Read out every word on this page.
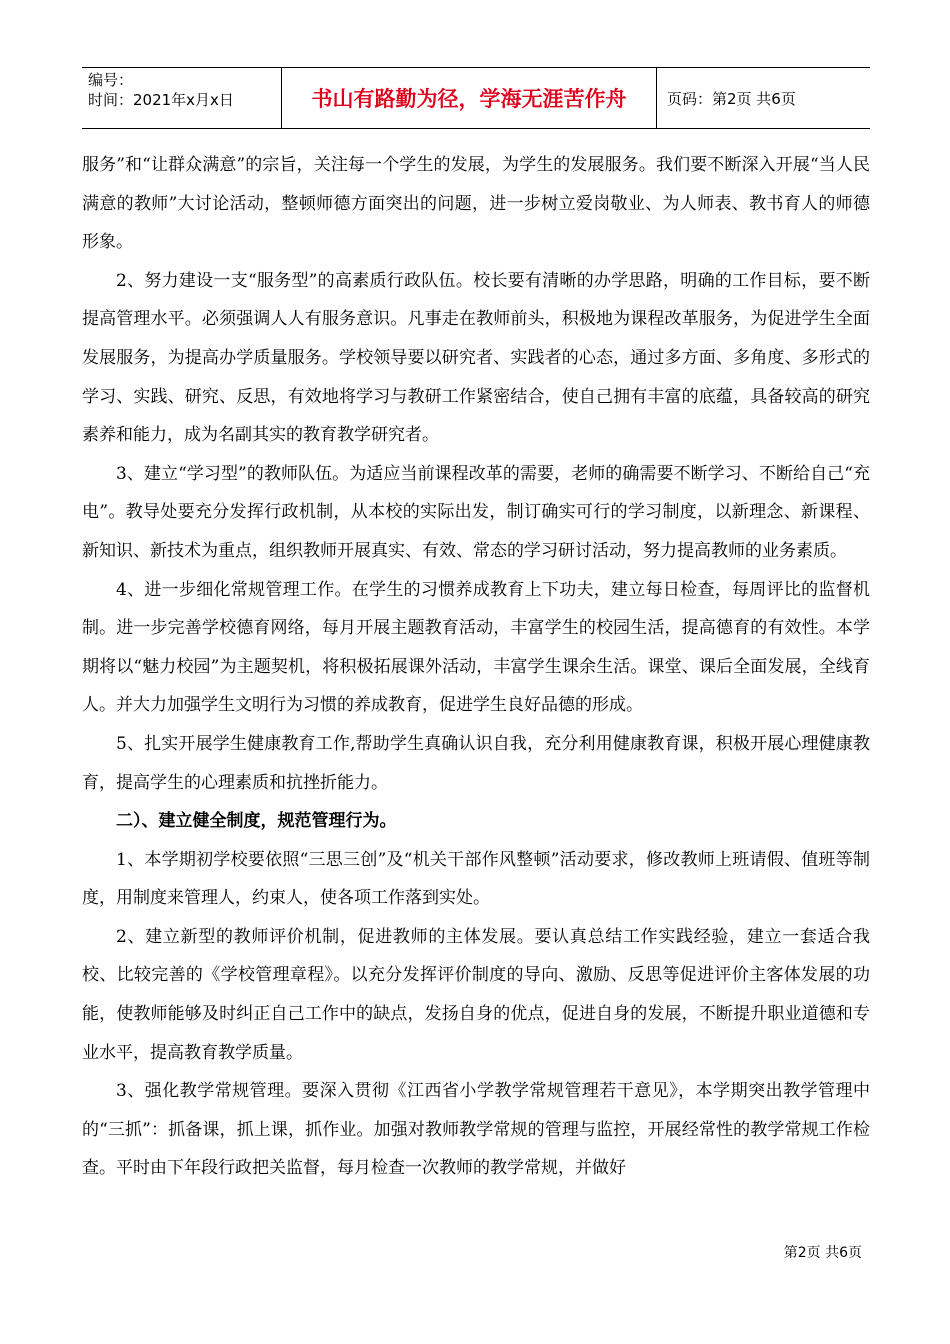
编号：
时间：2021年x月x日	书山有路勤为径，学海无涯苦作舟	页码：第2页 共6页

服务”和“让群众满意”的宗旨，关注每一个学生的发展，为学生的发展服务。我们要不断深入开展“当人民满意的教师”大讨论活动，整顿师德方面突出的问题，进一步树立爱岗敬业、为人师表、教书育人的师德形象。

2、努力建设一支“服务型”的高素质行政队伍。校长要有清晰的办学思路，明确的工作目标，要不断提高管理水平。必须强调人人有服务意识。凡事走在教师前头，积极地为课程改革服务，为促进学生全面发展服务，为提高办学质量服务。学校领导要以研究者、实践者的心态，通过多方面、多角度、多形式的学习、实践、研究、反思，有效地将学习与教研工作紧密结合，使自己拥有丰富的底蕴，具备较高的研究素养和能力，成为名副其实的教育教学研究者。

3、建立“学习型”的教师队伍。为适应当前课程改革的需要，老师的确需要不断学习、不断给自己“充电”。教导处要充分发挥行政机制，从本校的实际出发，制订确实可行的学习制度，以新理念、新课程、新知识、新技术为重点，组织教师开展真实、有效、常态的学习研讨活动，努力提高教师的业务素质。

4、进一步细化常规管理工作。在学生的习惯养成教育上下功夫，建立每日检查，每周评比的监督机制。进一步完善学校德育网络，每月开展主题教育活动，丰富学生的校园生活，提高德育的有效性。本学期将以“魅力校园”为主题契机，将积极拓展课外活动，丰富学生课余生活。课堂、课后全面发展，全线育人。并大力加强学生文明行为习惯的养成教育，促进学生良好品德的形成。

5、扎实开展学生健康教育工作,帮助学生真确认识自我，充分利用健康教育课，积极开展心理健康教育，提高学生的心理素质和抗挫折能力。

二）、建立健全制度，规范管理行为。

1、本学期初学校要依照“三思三创”及“机关干部作风整顿”活动要求，修改教师上班请假、值班等制度，用制度来管理人，约束人，使各项工作落到实处。

2、建立新型的教师评价机制，促进教师的主体发展。要认真总结工作实践经验，建立一套适合我校、比较完善的《学校管理章程》。以充分发挥评价制度的导向、激励、反思等促进评价主客体发展的功能，使教师能够及时纠正自己工作中的缺点，发扬自身的优点，促进自身的发展，不断提升职业道德和专业水平，提高教育教学质量。

3、强化教学常规管理。要深入贯彻《江西省小学教学常规管理若干意见》，本学期突出教学管理中的“三抓”：抓备课，抓上课，抓作业。加强对教师教学常规的管理与监控，开展经常性的教学常规工作检查。平时由下年段行政把关监督，每月检查一次教师的教学常规，并做好

第2页 共6页
